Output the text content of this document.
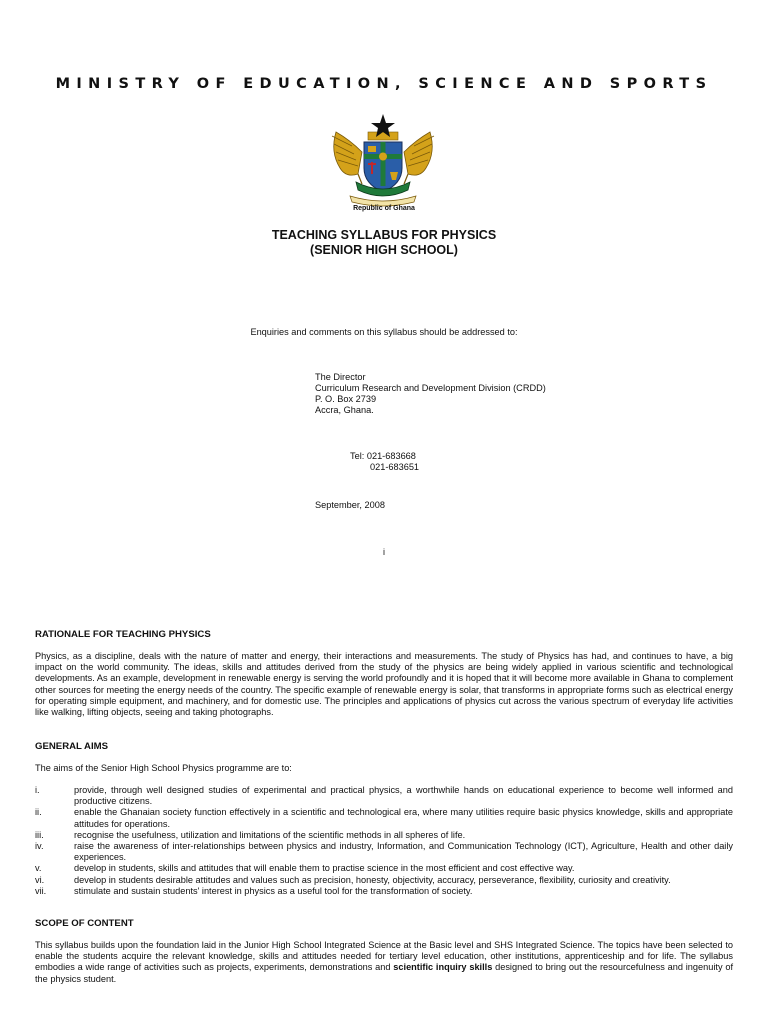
MINISTRY OF EDUCATION, SCIENCE AND SPORTS
Republic of Ghana
TEACHING SYLLABUS FOR PHYSICS
(SENIOR HIGH SCHOOL)
Enquiries and comments on this syllabus should be addressed to:
The Director
Curriculum Research and Development Division (CRDD)
P. O. Box 2739
Accra, Ghana.
Tel: 021-683668
021-683651
September, 2008
i
RATIONALE FOR TEACHING PHYSICS
Physics, as a discipline, deals with the nature of matter and energy, their interactions and measurements. The study of Physics has had, and continues to have, a big impact on the world community. The ideas, skills and attitudes derived from the study of the physics are being widely applied in various scientific and technological developments. As an example, development in renewable energy is serving the world profoundly and it is hoped that it will become more available in Ghana to complement other sources for meeting the energy needs of the country. The specific example of renewable energy is solar, that transforms in appropriate forms such as electrical energy for operating simple equipment, and machinery, and for domestic use. The principles and applications of physics cut across the various spectrum of everyday life activities like walking, lifting objects, seeing and taking photographs.
GENERAL AIMS
The aims of the Senior High School Physics programme are to:
i.	provide, through well designed studies of experimental and practical physics, a worthwhile hands on educational experience to become well informed and productive citizens.
ii.	enable the Ghanaian society function effectively in a scientific and technological era, where many utilities require basic physics knowledge, skills and appropriate attitudes for operations.
iii.	recognise the usefulness, utilization and limitations of the scientific methods in all spheres of life.
iv.	raise the awareness of inter-relationships between physics and industry, Information, and Communication Technology (ICT), Agriculture, Health and other daily experiences.
v.	develop in students, skills and attitudes that will enable them to practise science in the most efficient and cost effective way.
vi.	develop in students desirable attitudes and values such as precision, honesty, objectivity, accuracy, perseverance, flexibility, curiosity and creativity.
vii.	stimulate and sustain students' interest in physics as a useful tool for the transformation of society.
SCOPE OF CONTENT
This syllabus builds upon the foundation laid in the Junior High School Integrated Science at the Basic level and SHS Integrated Science. The topics have been selected to enable the students acquire the relevant knowledge, skills and attitudes needed for tertiary level education, other institutions, apprenticeship and for life. The syllabus embodies a wide range of activities such as projects, experiments, demonstrations and scientific inquiry skills designed to bring out the resourcefulness and ingenuity of the physics student.
